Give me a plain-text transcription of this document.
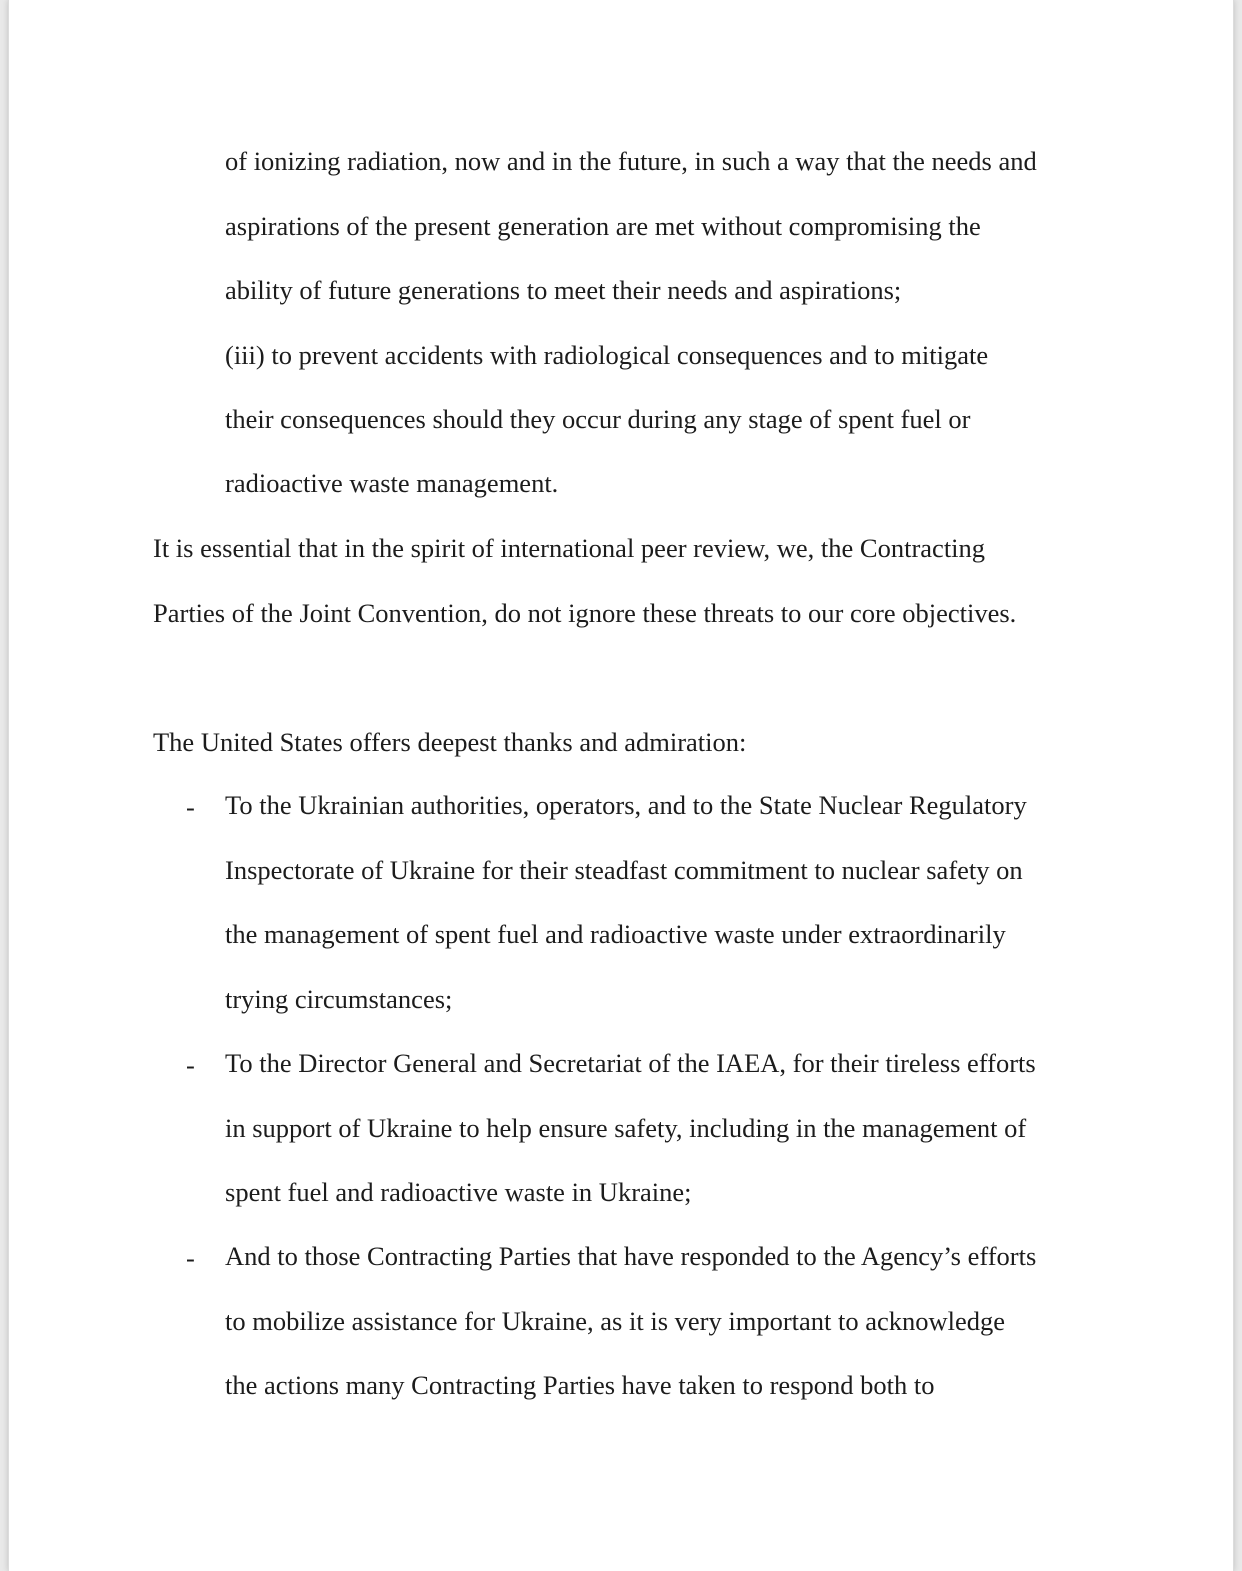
of ionizing radiation, now and in the future, in such a way that the needs and

aspirations of the present generation are met without compromising the

ability of future generations to meet their needs and aspirations;

(iii) to prevent accidents with radiological consequences and to mitigate

their consequences should they occur during any stage of spent fuel or

radioactive waste management.

It is essential that in the spirit of international peer review, we, the Contracting

Parties of the Joint Convention, do not ignore these threats to our core objectives.

The United States offers deepest thanks and admiration:

- To the Ukrainian authorities, operators, and to the State Nuclear Regulatory

Inspectorate of Ukraine for their steadfast commitment to nuclear safety on

the management of spent fuel and radioactive waste under extraordinarily

trying circumstances;

- To the Director General and Secretariat of the IAEA, for their tireless efforts

in support of Ukraine to help ensure safety, including in the management of

spent fuel and radioactive waste in Ukraine;

- And to those Contracting Parties that have responded to the Agency’s efforts

to mobilize assistance for Ukraine, as it is very important to acknowledge

the actions many Contracting Parties have taken to respond both to
